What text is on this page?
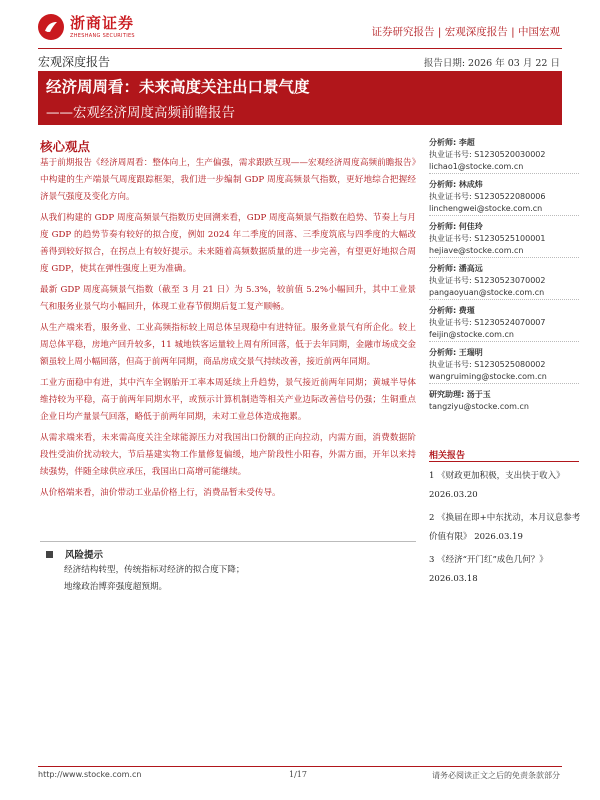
浙商证券
ZHESHANG SECURITIES	证券研究报告 | 宏观深度报告 | 中国宏观
宏观深度报告	报告日期: 2026 年 03 月 22 日
经济周周看：未来高度关注出口景气度
——宏观经济周度高频前瞻报告
核心观点

基于前期报告《经济周周看：整体向上，生产偏强，需求跟跌互现——宏观经济周度高频前瞻报告》中构建的生产端景气周度跟踪框架，我们进一步编制 GDP 周度高频景气指数，更好地综合把握经济景气强度及变化方向。

从我们构建的 GDP 周度高频景气指数历史回溯来看，GDP 周度高频景气指数在趋势、节奏上与月度 GDP 的趋势节奏有较好的拟合度，例如 2024 年二季度的回落、三季度筑底与四季度的大幅改善得到较好拟合，在拐点上有较好提示。未来随着高频数据质量的进一步完善，有望更好地拟合周度 GDP，使其在弹性强度上更为准确。

最新 GDP 周度高频景气指数（截至 3 月 21 日）为 5.3%，较前值 5.2%小幅回升，其中工业景气和服务业景气均小幅回升，体现工业春节假期后复工复产顺畅。

从生产端来看，服务业、工业高频指标较上周总体呈现稳中有进特征。服务业景气有所企化。较上周总体平稳，房地产回升较多，11 城地铁客运量较上周有所回落，低于去年同期，金融市场成交金额虽较上周小幅回落，但高于前两年同期，商品房成交景气持续改善，接近前两年同期。

工业方面稳中有进，其中汽车全钢胎开工率本周延续上升趋势，景气接近前两年同期；黄城半导体维持较为平稳，高于前两年同期水平，或预示计算机制造等相关产业边际改善信号仍强；生铜重点企业日均产量景气回落，略低于前两年同期，未对工业总体造成拖累。

从需求端来看，未来需高度关注全球能源压力对我国出口份额的正向拉动，内需方面，消费数据阶段性受油价扰动较大，节后基建实物工作量修复偏缓，地产阶段性小阳春，外需方面，开年以来持续强势，伴随全球供应承压，我国出口高增可能继续。

从价格端来看，油价带动工业品价格上行，消费品暂未受传导。

分析师: 李超
执业证书号: S1230520030002
lichao1@stocke.com.cn
分析师: 林成炜
执业证书号: S1230522080006
linchengwei@stocke.com.cn
分析师: 何佳玲
执业证书号: S1230525100001
hejiave@stocke.com.cn
分析师: 潘高远
执业证书号: S1230523070002
pangaoyuan@stocke.com.cn
分析师: 费瑾
执业证书号: S1230524070007
feijin@stocke.com.cn
分析师: 王瑞明
执业证书号: S1230525080002
wangruiming@stocke.com.cn
研究助理: 汤于玉
tangziyu@stocke.com.cn
相关报告

1 《财政更加积极，支出快于收入》 2026.03.20

2 《换届在即+中东扰动，本月议息参考价值有限》 2026.03.19

3 《经济“开门红”成色几何？》 2026.03.18

风险提示
经济结构转型，传统指标对经济的拟合度下降；
地缘政治博弈强度超预期。
http://www.stocke.com.cn	1/17	请务必阅读正文之后的免责条款部分
